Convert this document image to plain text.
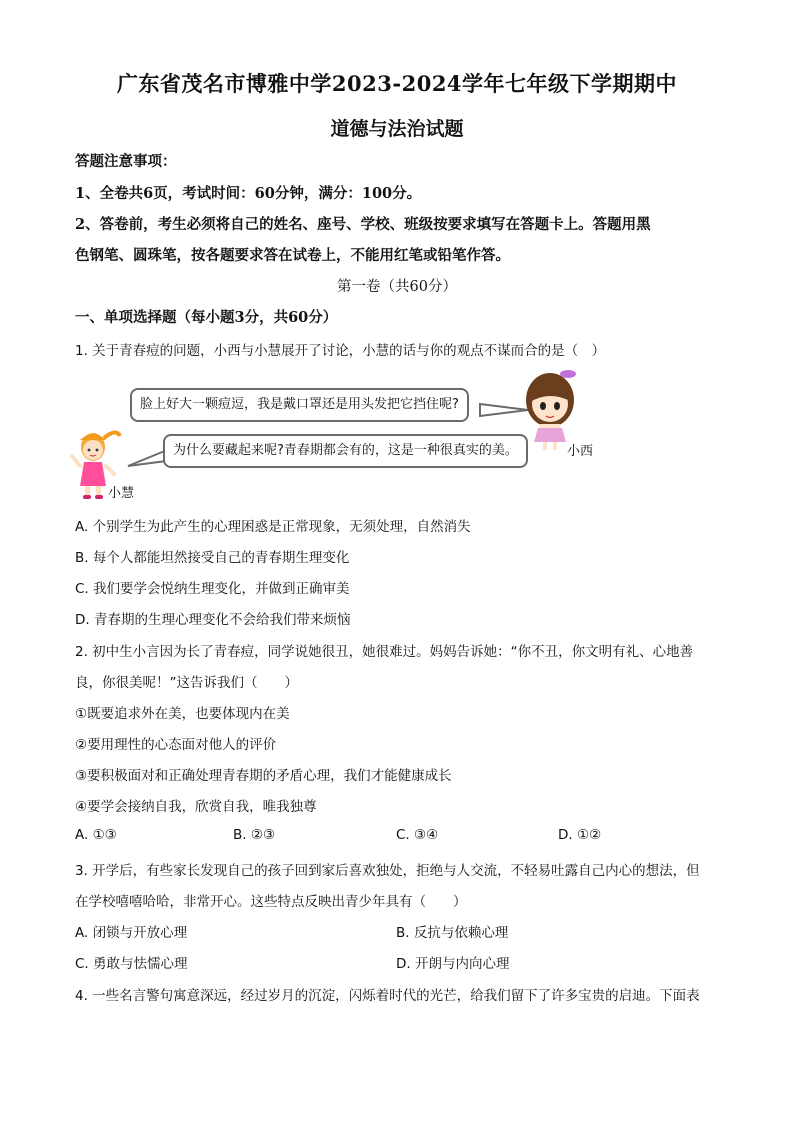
广东省茂名市博雅中学2023-2024学年七年级下学期期中
道德与法治试题
答题注意事项：
1、全卷共6页，考试时间：60分钟，满分：100分。
2、答卷前，考生必须将自己的姓名、座号、学校、班级按要求填写在答题卡上。答题用黑
色钢笔、圆珠笔，按各题要求答在试卷上，不能用红笔或铅笔作答。
第一卷（共60分）
一、单项选择题（每小题3分，共60分）
1. 关于青春痘的问题，小西与小慧展开了讨论，小慧的话与你的观点不谋而合的是（　）
脸上好大一颗痘逗，我是戴口罩还是用头发把它挡住呢?
为什么要藏起来呢?青春期都会有的，这是一种很真实的美。	小西
小慧
A. 个别学生为此产生的心理困惑是正常现象，无须处理，自然消失
B. 每个人都能坦然接受自己的青春期生理变化
C. 我们要学会悦纳生理变化，并做到正确审美
D. 青春期的生理心理变化不会给我们带来烦恼
2. 初中生小言因为长了青春痘，同学说她很丑，她很难过。妈妈告诉她：“你不丑，你文明有礼、心地善
良，你很美呢！”这告诉我们（　　）
①既要追求外在美，也要体现内在美
②要用理性的心态面对他人的评价
③要积极面对和正确处理青春期的矛盾心理，我们才能健康成长
④要学会接纳自我，欣赏自我，唯我独尊
A. ①③	B. ②③	C. ③④	D. ①②
3. 开学后，有些家长发现自己的孩子回到家后喜欢独处，拒绝与人交流，不轻易吐露自己内心的想法，但
在学校嘻嘻哈哈，非常开心。这些特点反映出青少年具有（　　）
A. 闭锁与开放心理	B. 反抗与依赖心理
C. 勇敢与怯懦心理	D. 开朗与内向心理
4. 一些名言警句寓意深远，经过岁月的沉淀，闪烁着时代的光芒，给我们留下了许多宝贵的启迪。下面表
